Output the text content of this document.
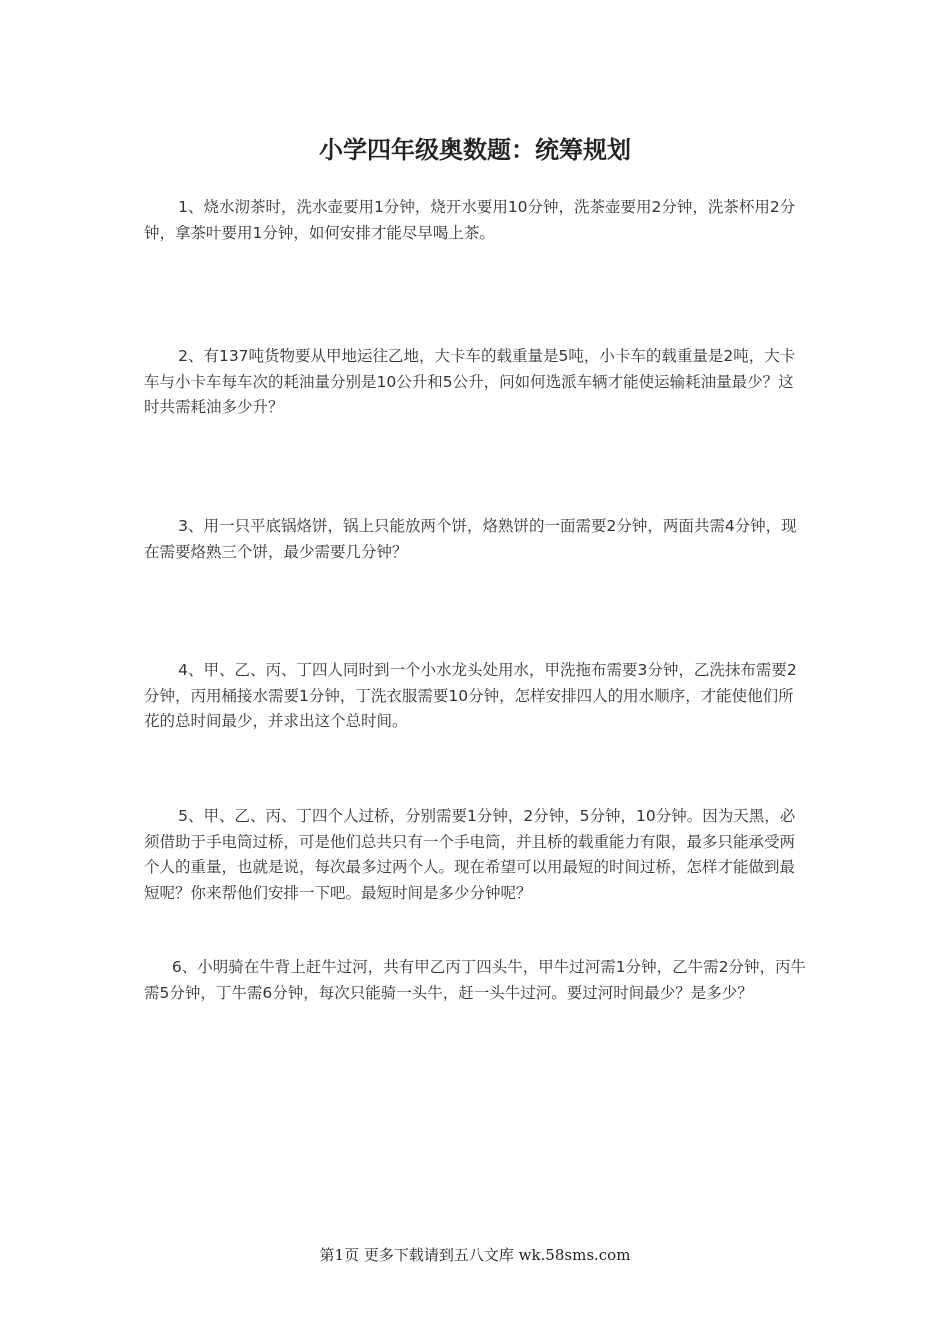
小学四年级奥数题：统筹规划

1、烧水沏茶时，洗水壶要用1分钟，烧开水要用10分钟，洗茶壶要用2分钟，洗茶杯用2分钟，拿茶叶要用1分钟，如何安排才能尽早喝上茶。

2、有137吨货物要从甲地运往乙地，大卡车的载重量是5吨，小卡车的载重量是2吨，大卡车与小卡车每车次的耗油量分别是10公升和5公升，问如何选派车辆才能使运输耗油量最少？这时共需耗油多少升？

3、用一只平底锅烙饼，锅上只能放两个饼，烙熟饼的一面需要2分钟，两面共需4分钟，现在需要烙熟三个饼，最少需要几分钟？

4、甲、乙、丙、丁四人同时到一个小水龙头处用水，甲洗拖布需要3分钟，乙洗抹布需要2分钟，丙用桶接水需要1分钟，丁洗衣服需要10分钟，怎样安排四人的用水顺序，才能使他们所花的总时间最少，并求出这个总时间。

5、甲、乙、丙、丁四个人过桥，分别需要1分钟，2分钟，5分钟，10分钟。因为天黑，必须借助于手电筒过桥，可是他们总共只有一个手电筒，并且桥的载重能力有限，最多只能承受两个人的重量，也就是说，每次最多过两个人。现在希望可以用最短的时间过桥，怎样才能做到最短呢？你来帮他们安排一下吧。最短时间是多少分钟呢？

6、小明骑在牛背上赶牛过河，共有甲乙丙丁四头牛，甲牛过河需1分钟，乙牛需2分钟，丙牛需5分钟，丁牛需6分钟，每次只能骑一头牛，赶一头牛过河。要过河时间最少？是多少？

第1页 更多下载请到五八文库 wk.58sms.com
